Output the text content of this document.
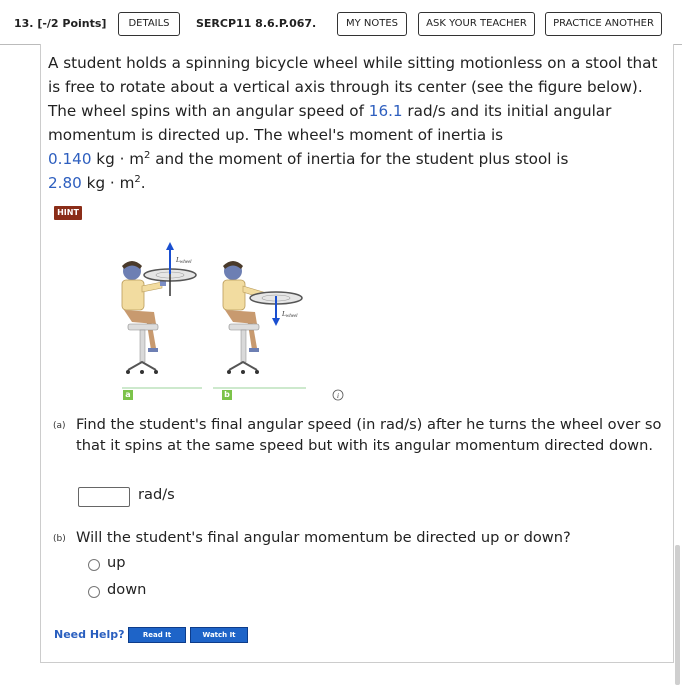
13. [-/2 Points]	DETAILS	SERCP11 8.6.P.067.	MY NOTES	ASK YOUR TEACHER	PRACTICE ANOTHER
A student holds a spinning bicycle wheel while sitting motionless on a stool that is free to rotate about a vertical axis through its center (see the figure below). The wheel spins with an angular speed of 16.1 rad/s and its initial angular momentum is directed up. The wheel's moment of inertia is
0.140 kg · $m^2$ and the moment of inertia for the student plus stool is
2.80 kg · $m^2$.
HINT
Lwheel
Lwheel
i
a	b
(a) Find the student's final angular speed (in rad/s) after he turns the wheel over so that it spins at the same speed but with its angular momentum directed down.
rad/s
(b) Will the student's final angular momentum be directed up or down?
up
down
Need Help?	Read It	Watch It
